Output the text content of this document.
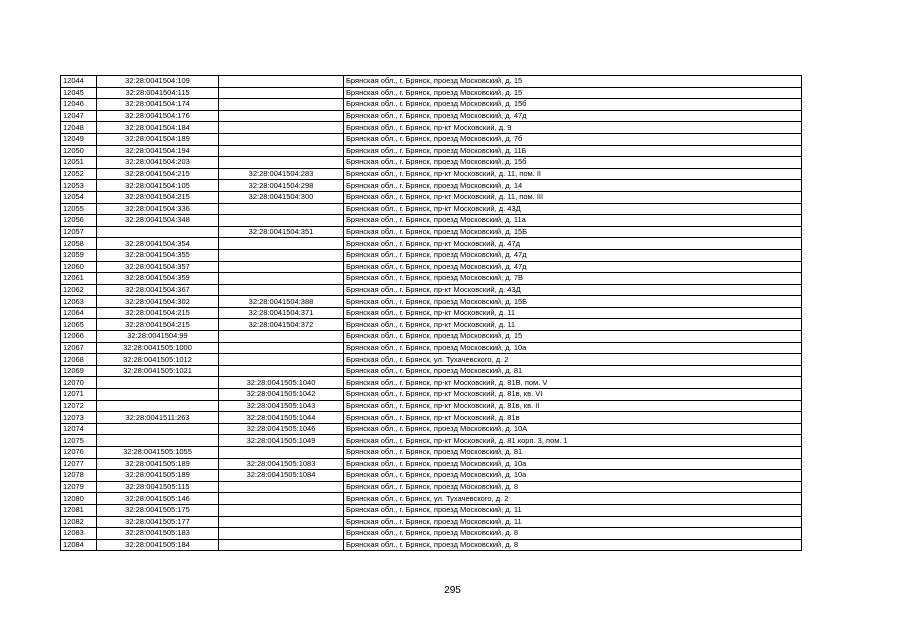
12044	32:28:0041504:109		Брянская обл., г. Брянск, проезд Московский, д. 15
12045	32:28:0041504:115		Брянская обл., г. Брянск, проезд Московский, д. 15
12046	32:28:0041504:174		Брянская обл., г. Брянск, проезд Московский, д. 15б
12047	32:28:0041504:176		Брянская обл., г. Брянск, проезд Московский, д. 47д
12048	32:28:0041504:184		Брянская обл., г. Брянск, пр-кт Московский, д. 9
12049	32:28:0041504:189		Брянская обл., г. Брянск, проезд Московский, д. 7б
12050	32:28:0041504:194		Брянская обл., г. Брянск, проезд Московский, д. 11Б
12051	32:28:0041504:203		Брянская обл., г. Брянск, проезд Московский, д. 15б
12052	32:28:0041504:215	32:28:0041504:283	Брянская обл., г. Брянск, пр-кт Московский, д. 11, пом. II
12053	32:28:0041504:105	32:28:0041504:298	Брянская обл., г. Брянск, проезд Московский, д. 14
12054	32:28:0041504:215	32:28:0041504:300	Брянская обл., г. Брянск, пр-кт Московский, д. 11, пом. III
12055	32:28:0041504:336		Брянская обл., г. Брянск, пр-кт Московский, д. 43Д
12056	32:28:0041504:348		Брянская обл., г. Брянск, проезд Московский, д. 11а
12057		32:28:0041504:351	Брянская обл., г. Брянск, проезд Московский, д. 15Б
12058	32:28:0041504:354		Брянская обл., г. Брянск, пр-кт Московский, д. 47д
12059	32:28:0041504:355		Брянская обл., г. Брянск, проезд Московский, д. 47д
12060	32:28:0041504:357		Брянская обл., г. Брянск, проезд Московский, д. 47д
12061	32:28:0041504:359		Брянская обл., г. Брянск, проезд Московский, д. 7В
12062	32:28:0041504:367		Брянская обл., г. Брянск, пр-кт Московский, д. 43Д
12063	32:28:0041504:302	32:28:0041504:388	Брянская обл., г. Брянск, проезд Московский, д. 15Б
12064	32:28:0041504:215	32:28:0041504:371	Брянская обл., г. Брянск, пр-кт Московский, д. 11
12065	32:28:0041504:215	32:28:0041504:372	Брянская обл., г. Брянск, пр-кт Московский, д. 11
12066	32:28:0041504:99		Брянская обл., г. Брянск, проезд Московский, д. 15
12067	32:28:0041505:1000		Брянская обл., г. Брянск, проезд Московский, д. 10а
12068	32:28:0041505:1012		Брянская обл., г. Брянск, ул. Тухачевского, д. 2
12069	32:28:0041505:1021		Брянская обл., г. Брянск, проезд Московский, д. 81
12070		32:28:0041505:1040	Брянская обл., г. Брянск, пр-кт Московский, д. 81В, пом. V
12071		32:28:0041505:1042	Брянская обл., г. Брянск, пр-кт Московский, д. 81в, кв. VI
12072		32:28:0041505:1043	Брянская обл., г. Брянск, пр-кт Московский, д. 81в, кв. II
12073	32:28:0041511:263	32:28:0041505:1044	Брянская обл., г. Брянск, пр-кт Московский, д. 81в
12074		32:28:0041505:1046	Брянская обл., г. Брянск, проезд Московский, д. 10А
12075		32:28:0041505:1049	Брянская обл., г. Брянск, пр-кт Московский, д. 81 корп. 3, пом. 1
12076	32:28:0041505:1055		Брянская обл., г. Брянск, проезд Московский, д. 81
12077	32:28:0041505:189	32:28:0041505:1083	Брянская обл., г. Брянск, проезд Московский, д. 10а
12078	32:28:0041505:189	32:28:0041505:1084	Брянская обл., г. Брянск, проезд Московский, д. 10а
12079	32:28:0041505:115		Брянская обл., г. Брянск, проезд Московский, д. 8
12080	32:28:0041505:146		Брянская обл., г. Брянск, ул. Тухачевского, д. 2
12081	32:28:0041505:175		Брянская обл., г. Брянск, проезд Московский, д. 11
12082	32:28:0041505:177		Брянская обл., г. Брянск, проезд Московский, д. 11
12083	32:28:0041505:183		Брянская обл., г. Брянск, проезд Московский, д. 8
12084	32:28:0041505:184		Брянская обл., г. Брянск, проезд Московский, д. 8
295
